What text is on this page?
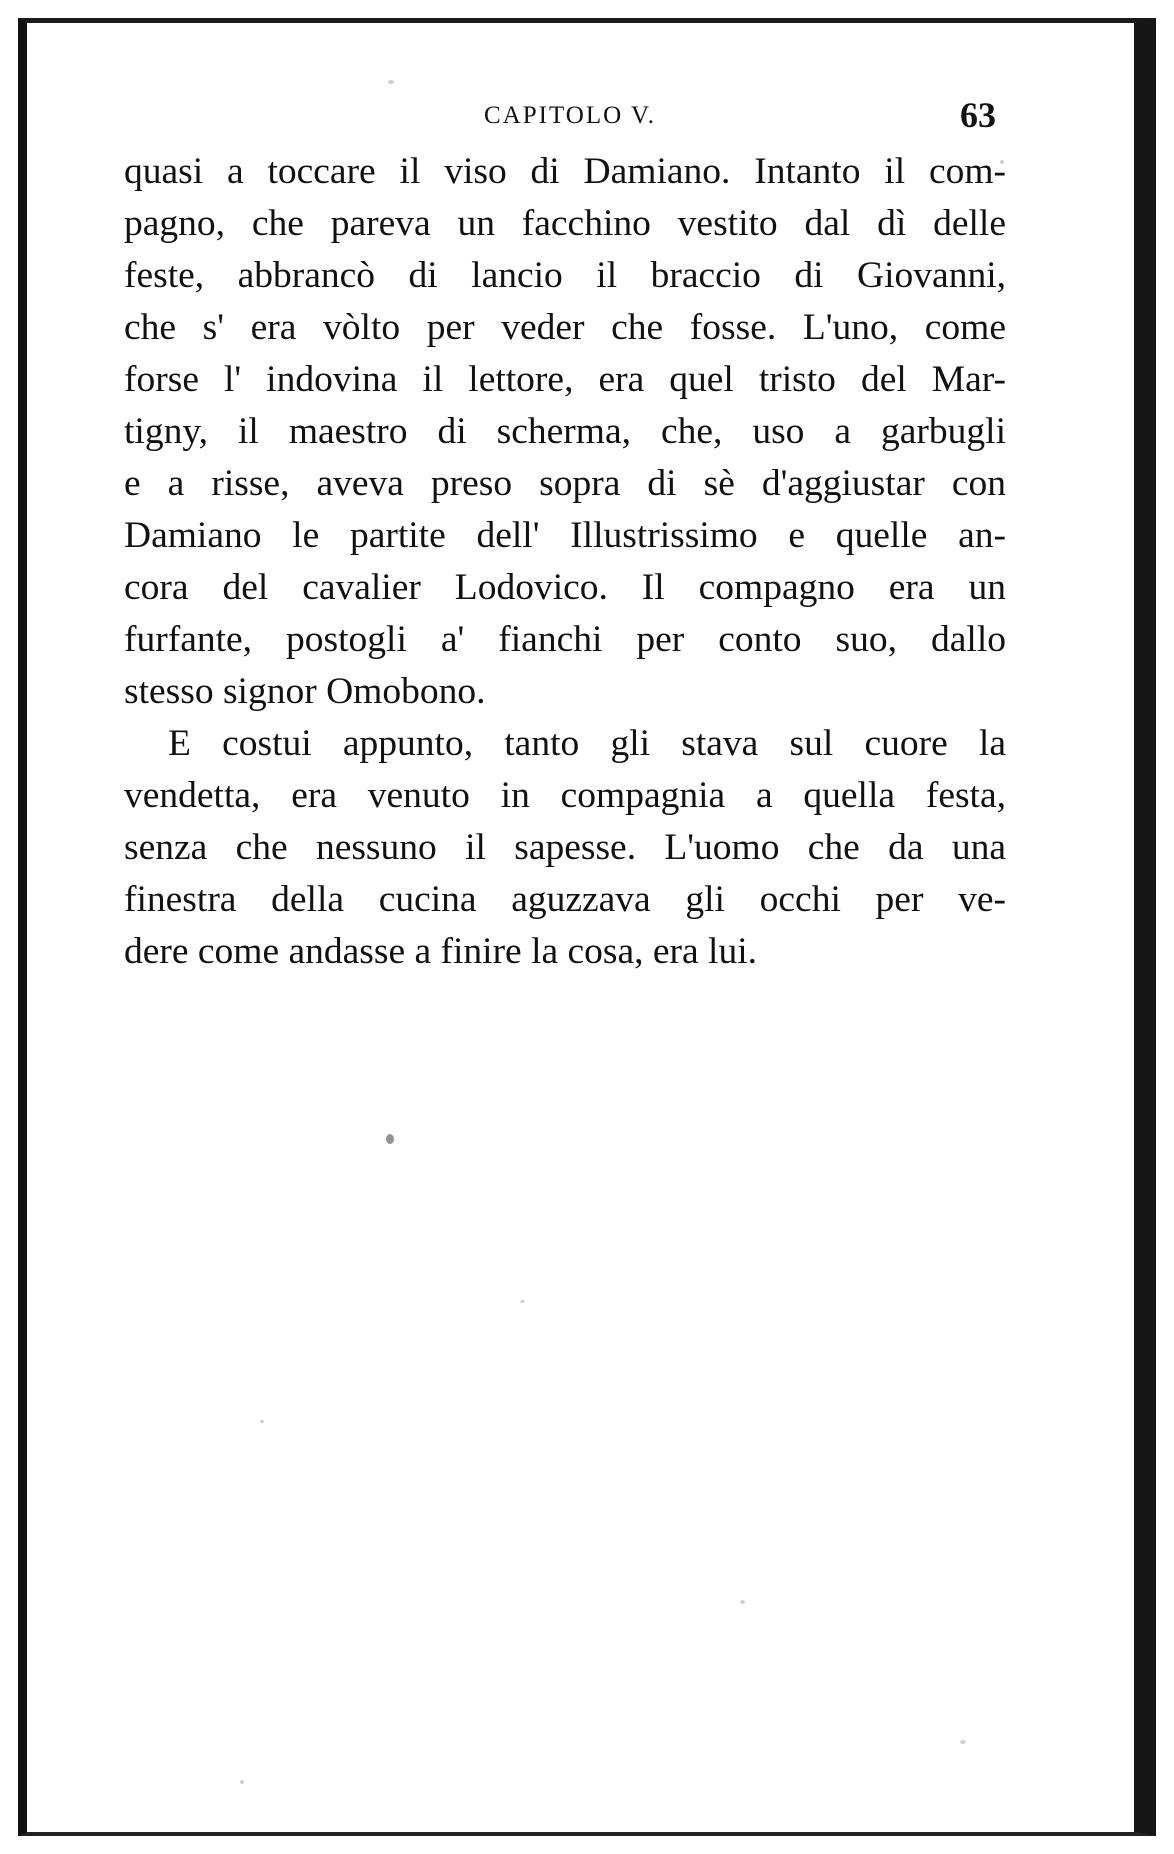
CAPITOLO V.	63

quasi a toccare il viso di Damiano. Intanto il com-
pagno, che pareva un facchino vestito dal dì delle
feste, abbrancò di lancio il braccio di Giovanni,
che s' era vòlto per veder che fosse. L'uno, come
forse l' indovina il lettore, era quel tristo del Mar-
tigny, il maestro di scherma, che, uso a garbugli
e a risse, aveva preso sopra di sè d'aggiustar con
Damiano le partite dell' Illustrissimo e quelle an-
cora del cavalier Lodovico. Il compagno era un
furfante, postogli a' fianchi per conto suo, dallo
stesso signor Omobono.

E costui appunto, tanto gli stava sul cuore la
vendetta, era venuto in compagnia a quella festa,
senza che nessuno il sapesse. L'uomo che da una
finestra della cucina aguzzava gli occhi per ve-
dere come andasse a finire la cosa, era lui.
